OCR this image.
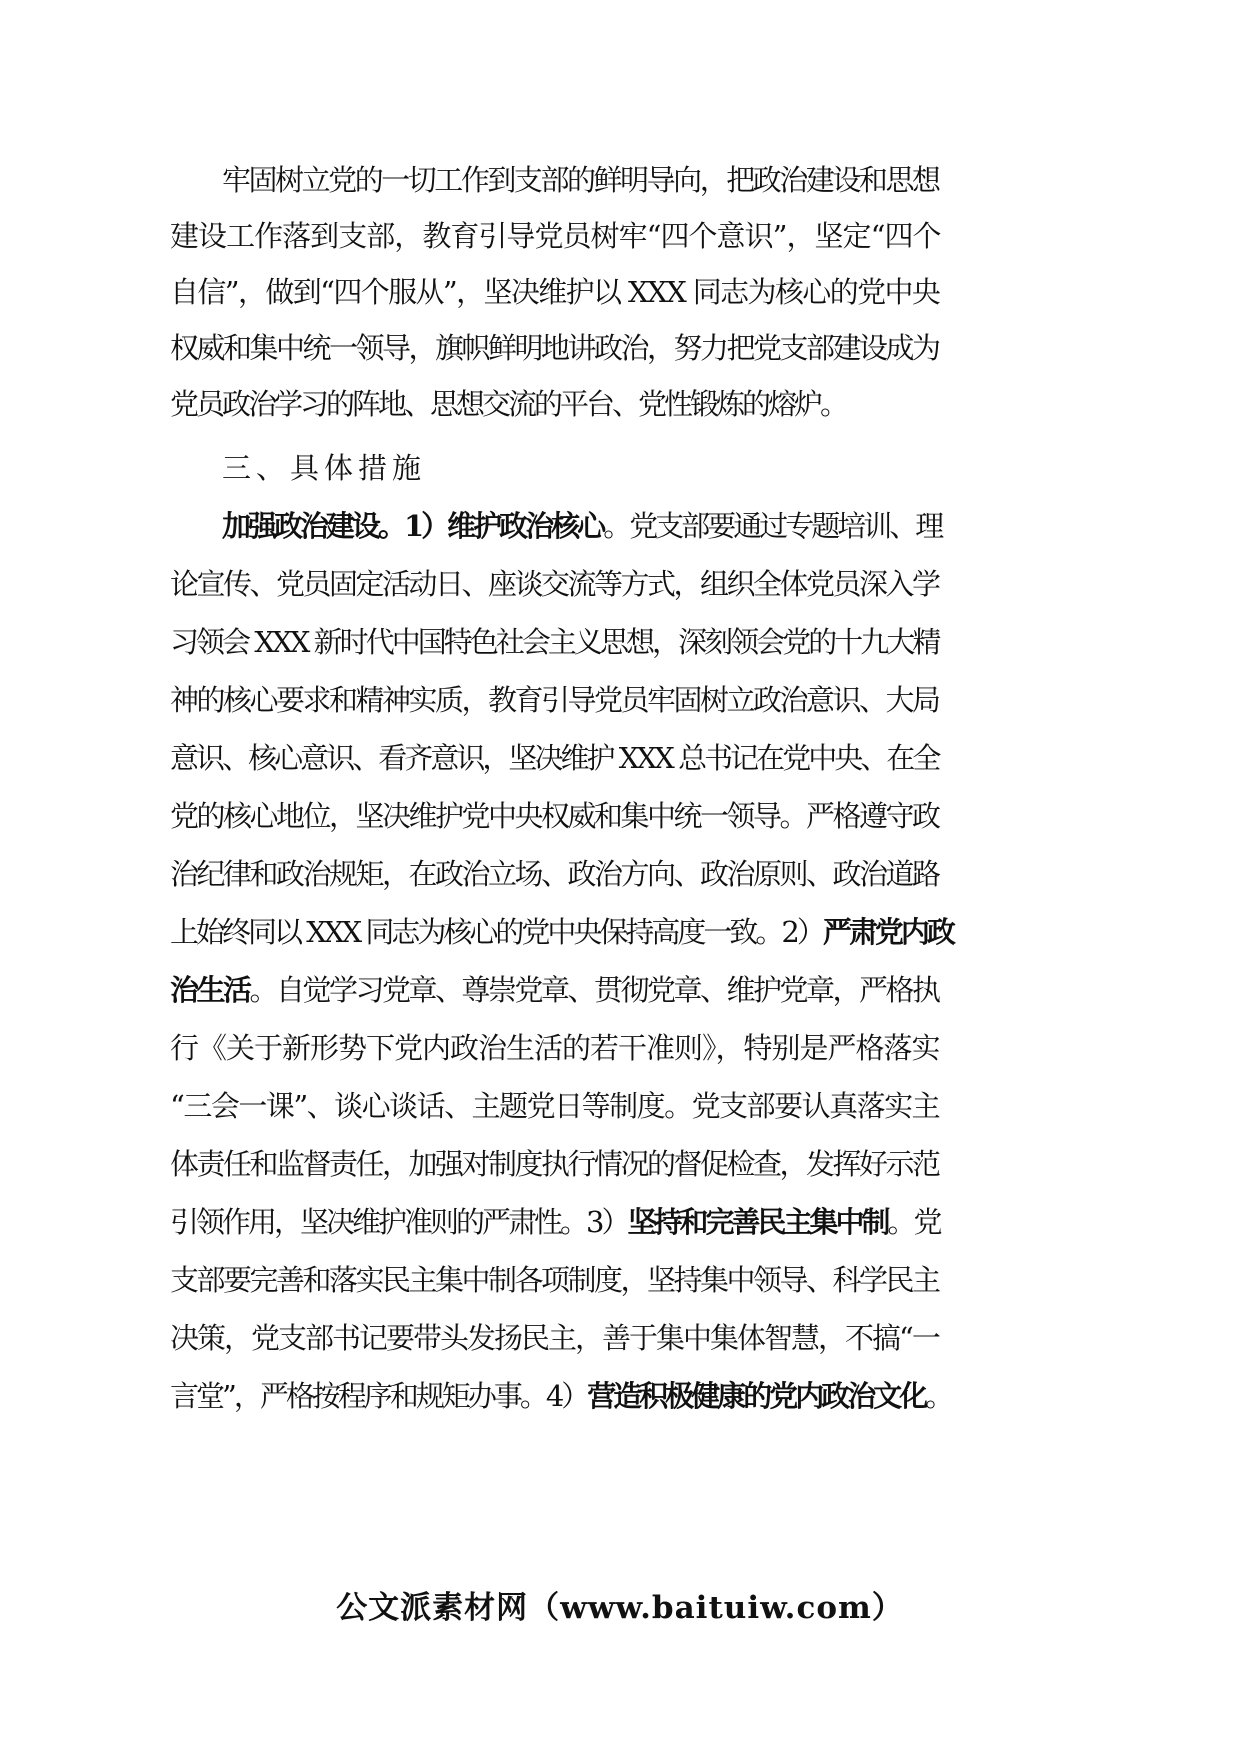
牢固树立党的一切工作到支部的鲜明导向，把政治建设和思想
建设工作落到支部，教育引导党员树牢“四个意识”，坚定“四个
自信”，做到“四个服从”，坚决维护以 XXX 同志为核心的党中央
权威和集中统一领导，旗帜鲜明地讲政治，努力把党支部建设成为
党员政治学习的阵地、思想交流的平台、党性锻炼的熔炉。
三、具体措施
加强政治建设。1）维护政治核心。党支部要通过专题培训、理
论宣传、党员固定活动日、座谈交流等方式，组织全体党员深入学
习领会 XXX 新时代中国特色社会主义思想，深刻领会党的十九大精
神的核心要求和精神实质，教育引导党员牢固树立政治意识、大局
意识、核心意识、看齐意识，坚决维护 XXX 总书记在党中央、在全
党的核心地位，坚决维护党中央权威和集中统一领导。严格遵守政
治纪律和政治规矩，在政治立场、政治方向、政治原则、政治道路
上始终同以 XXX 同志为核心的党中央保持高度一致。2）严肃党内政
治生活。自觉学习党章、尊崇党章、贯彻党章、维护党章，严格执
行《关于新形势下党内政治生活的若干准则》，特别是严格落实
“三会一课”、谈心谈话、主题党日等制度。党支部要认真落实主
体责任和监督责任，加强对制度执行情况的督促检查，发挥好示范
引领作用，坚决维护准则的严肃性。3）坚持和完善民主集中制。党
支部要完善和落实民主集中制各项制度，坚持集中领导、科学民主
决策，党支部书记要带头发扬民主，善于集中集体智慧，不搞“一
言堂”，严格按程序和规矩办事。4）营造积极健康的党内政治文化。
公文派素材网（www.baituiw.com）
